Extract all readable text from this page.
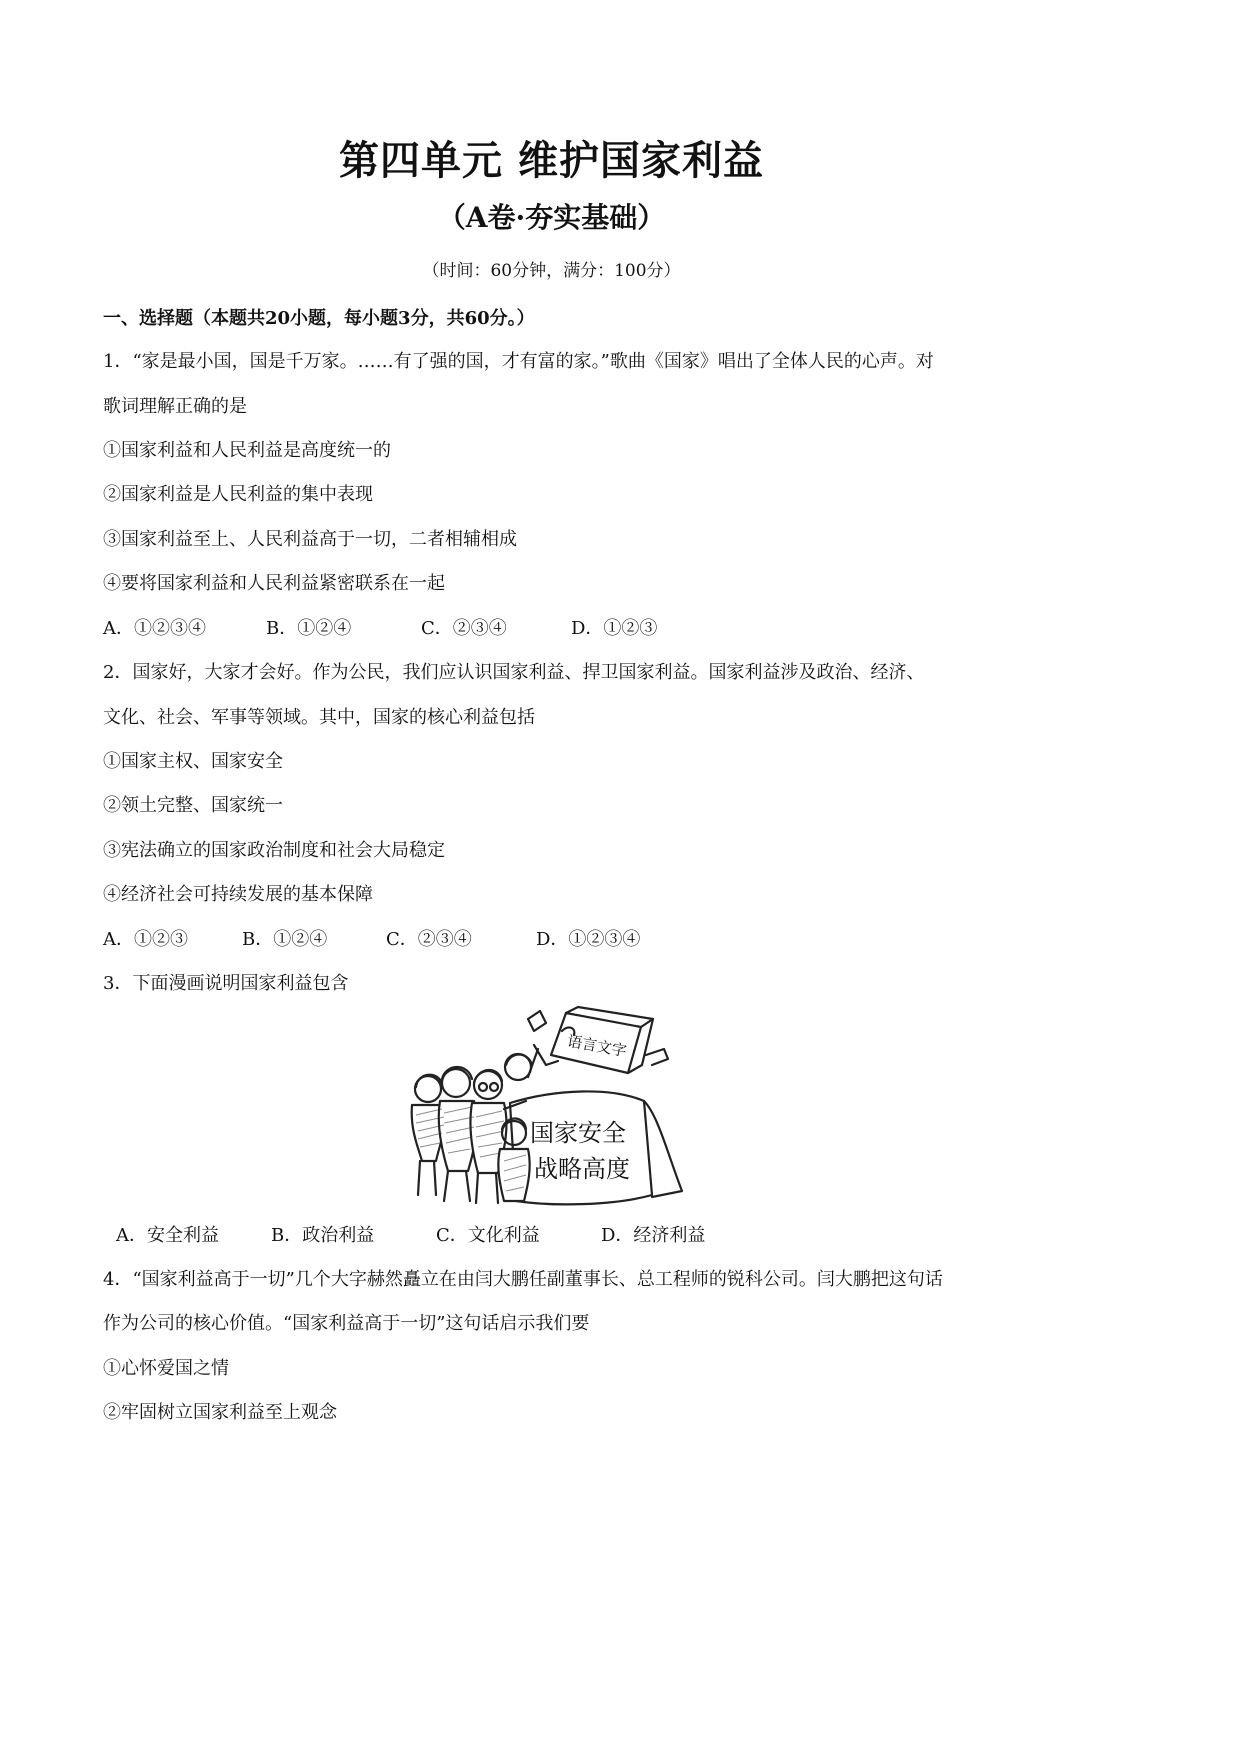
第四单元 维护国家利益
（A卷·夯实基础）
（时间：60分钟，满分：100分）
一、选择题（本题共20小题，每小题3分，共60分。）
1．“家是最小国，国是千万家。……有了强的国，才有富的家。”歌曲《国家》唱出了全体人民的心声。对
歌词理解正确的是
①国家利益和人民利益是高度统一的
②国家利益是人民利益的集中表现
③国家利益至上、人民利益高于一切，二者相辅相成
④要将国家利益和人民利益紧密联系在一起
A．①②③④	B．①②④	C．②③④	D．①②③
2．国家好，大家才会好。作为公民，我们应认识国家利益、捍卫国家利益。国家利益涉及政治、经济、
文化、社会、军事等领域。其中，国家的核心利益包括
①国家主权、国家安全
②领土完整、国家统一
③宪法确立的国家政治制度和社会大局稳定
④经济社会可持续发展的基本保障
A．①②③	B．①②④	C．②③④	D．①②③④
3．下面漫画说明国家利益包含
语言文字
国家安全
战略高度
A．安全利益	B．政治利益	C．文化利益	D．经济利益
4．“国家利益高于一切”几个大字赫然矗立在由闫大鹏任副董事长、总工程师的锐科公司。闫大鹏把这句话
作为公司的核心价值。“国家利益高于一切”这句话启示我们要
①心怀爱国之情
②牢固树立国家利益至上观念
